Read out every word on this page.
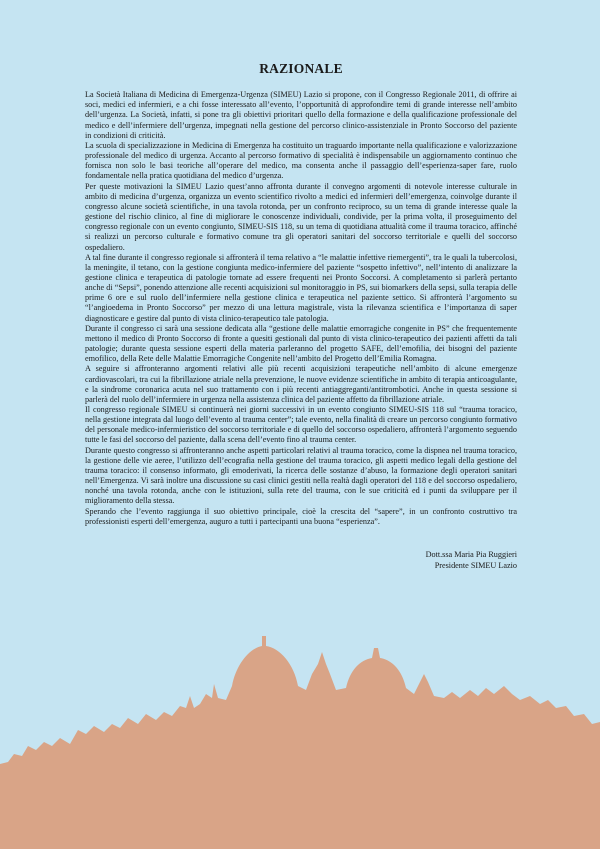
RAZIONALE

La Società Italiana di Medicina di Emergenza-Urgenza (SIMEU) Lazio si propone, con il Congresso Regionale 2011, di offrire ai soci, medici ed infermieri, e a chi fosse interessato all’evento, l’opportunità di approfondire temi di grande interesse nell’ambito dell’urgenza. La Società, infatti, si pone tra gli obiettivi prioritari quello della formazione e della qualificazione professionale del medico e dell’infermiere dell’urgenza, impegnati nella gestione del percorso clinico-assistenziale in Pronto Soccorso del paziente in condizioni di criticità.

La scuola di specializzazione in Medicina di Emergenza ha costituito un traguardo importante nella qualificazione e valorizzazione professionale del medico di urgenza. Accanto al percorso formativo di specialità è indispensabile un aggiornamento continuo che fornisca non solo le basi teoriche all’operare del medico, ma consenta anche il passaggio dell’esperienza-saper fare, ruolo fondamentale nella pratica quotidiana del medico d’urgenza.

Per queste motivazioni la SIMEU Lazio quest’anno affronta durante il convegno argomenti di notevole interesse culturale in ambito di medicina d’urgenza, organizza un evento scientifico rivolto a medici ed infermieri dell’emergenza, coinvolge durante il congresso alcune società scientifiche, in una tavola rotonda, per un confronto reciproco, su un tema di grande interesse quale la gestione del rischio clinico, al fine di migliorare le conoscenze individuali, condivide, per la prima volta, il proseguimento del congresso regionale con un evento congiunto, SIMEU-SIS 118, su un tema di quotidiana attualità come il trauma toracico, affinché si realizzi un percorso culturale e formativo comune tra gli operatori sanitari del soccorso territoriale e quelli del soccorso ospedaliero.

A tal fine durante il congresso regionale si affronterà il tema relativo a “le malattie infettive riemergenti”, tra le quali la tubercolosi, la meningite, il tetano, con la gestione congiunta medico-infermiere del paziente “sospetto infettivo”, nell’intento di analizzare la gestione clinica e terapeutica di patologie tornate ad essere frequenti nei Pronto Soccorsi. A completamento si parlerà pertanto anche di “Sepsi”, ponendo attenzione alle recenti acquisizioni sul monitoraggio in PS, sui biomarkers della sepsi, sulla terapia delle prime 6 ore e sul ruolo dell’infermiere nella gestione clinica e terapeutica nel paziente settico. Si affronterà l’argomento su “l’angioedema in Pronto Soccorso” per mezzo di una lettura magistrale, vista la rilevanza scientifica e l’importanza di saper diagnosticare e gestire dal punto di vista clinico-terapeutico tale patologia.

Durante il congresso ci sarà una sessione dedicata alla “gestione delle malattie emorragiche congenite in PS” che frequentemente mettono il medico di Pronto Soccorso di fronte a quesiti gestionali dal punto di vista clinico-terapeutico dei pazienti affetti da tali patologie; durante questa sessione esperti della materia parleranno del progetto SAFE, dell’emofilia, dei bisogni del paziente emofilico, della Rete delle Malattie Emorragiche Congenite nell’ambito del Progetto dell’Emilia Romagna.

A seguire si affronteranno argomenti relativi alle più recenti acquisizioni terapeutiche nell’ambito di alcune emergenze cardiovascolari, tra cui la fibrillazione atriale nella prevenzione, le nuove evidenze scientifiche in ambito di terapia anticoagulante, e la sindrome coronarica acuta nel suo trattamento con i più recenti antiaggreganti/antitrombotici. Anche in questa sessione si parlerà del ruolo dell’infermiere in urgenza nella assistenza clinica del paziente affetto da fibrillazione atriale.

Il congresso regionale SIMEU si continuerà nei giorni successivi in un evento congiunto SIMEU-SIS 118 sul “trauma toracico, nella gestione integrata dal luogo dell’evento al trauma center”; tale evento, nella finalità di creare un percorso congiunto formativo del personale medico-infermieristico del soccorso territoriale e di quello del soccorso ospedaliero, affronterà l’argomento seguendo tutte le fasi del soccorso del paziente, dalla scena dell’evento fino al trauma center.

Durante questo congresso si affronteranno anche aspetti particolari relativi al trauma toracico, come la dispnea nel trauma toracico, la gestione delle vie aeree, l’utilizzo dell’ecografia nella gestione del trauma toracico, gli aspetti medico legali della gestione del trauma toracico: il consenso informato, gli emoderivati, la ricerca delle sostanze d’abuso, la formazione degli operatori sanitari nell’Emergenza. Vi sarà inoltre una discussione su casi clinici gestiti nella realtà dagli operatori del 118 e del soccorso ospedaliero, nonché una tavola rotonda, anche con le istituzioni, sulla rete del trauma, con le sue criticità ed i punti da sviluppare per il miglioramento della stessa.

Sperando che l’evento raggiunga il suo obiettivo principale, cioè la crescita del “sapere”, in un confronto costruttivo tra professionisti esperti dell’emergenza, auguro a tutti i partecipanti una buona “esperienza”.

Dott.ssa Maria Pia Ruggieri
Presidente SIMEU Lazio
